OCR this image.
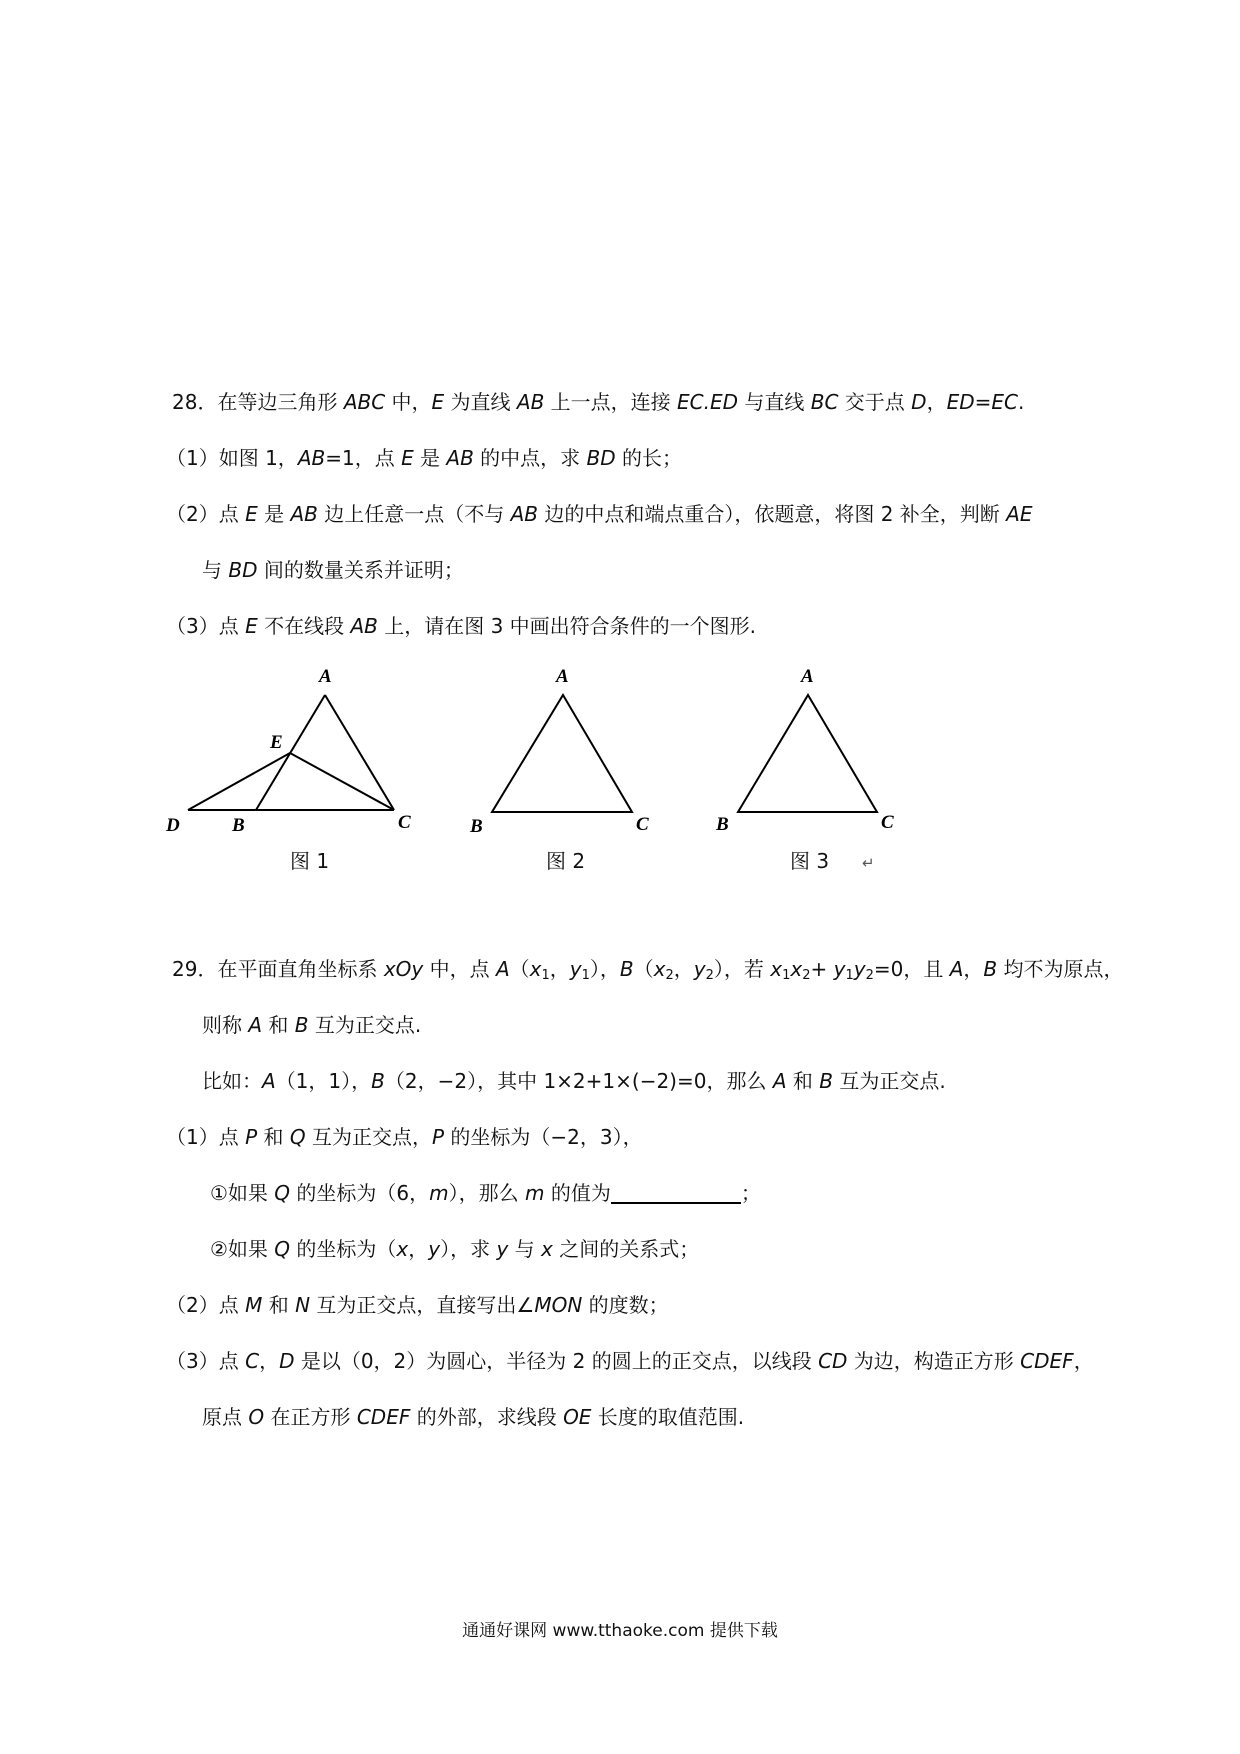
28．在等边三角形 ABC 中，E 为直线 AB 上一点，连接 EC.ED 与直线 BC 交于点 D，ED=EC.
（1）如图 1，AB=1，点 E 是 AB 的中点，求 BD 的长；
（2）点 E 是 AB 边上任意一点（不与 AB 边的中点和端点重合），依题意，将图 2 补全，判断 AE
与 BD 间的数量关系并证明；
（3）点 E 不在线段 AB 上，请在图 3 中画出符合条件的一个图形.
A
E
D	B	C
A
B	C
A
B	C
图 1	图 2	图 3 ↵
29．在平面直角坐标系 xOy 中，点 $A(x_1$，$y_1$），$B(x_2$，$y_2$），若 $x_1x_2+ y_1y_2=0$，且 A，B 均不为原点，
则称 A 和 B 互为正交点.
比如：A（1，1），B（2，−2），其中 1×2+1×(−2)=0，那么 A 和 B 互为正交点.
（1）点 P 和 Q 互为正交点，P 的坐标为（−2，3），
①如果 Q 的坐标为（6，m），那么 m 的值为	；
②如果 Q 的坐标为（x，y），求 y 与 x 之间的关系式；
（2）点 M 和 N 互为正交点，直接写出∠MON 的度数；
（3）点 C，D 是以（0，2）为圆心，半径为 2 的圆上的正交点，以线段 CD 为边，构造正方形 CDEF，
原点 O 在正方形 CDEF 的外部，求线段 OE 长度的取值范围.
通通好课网 www.tthaoke.com 提供下载
